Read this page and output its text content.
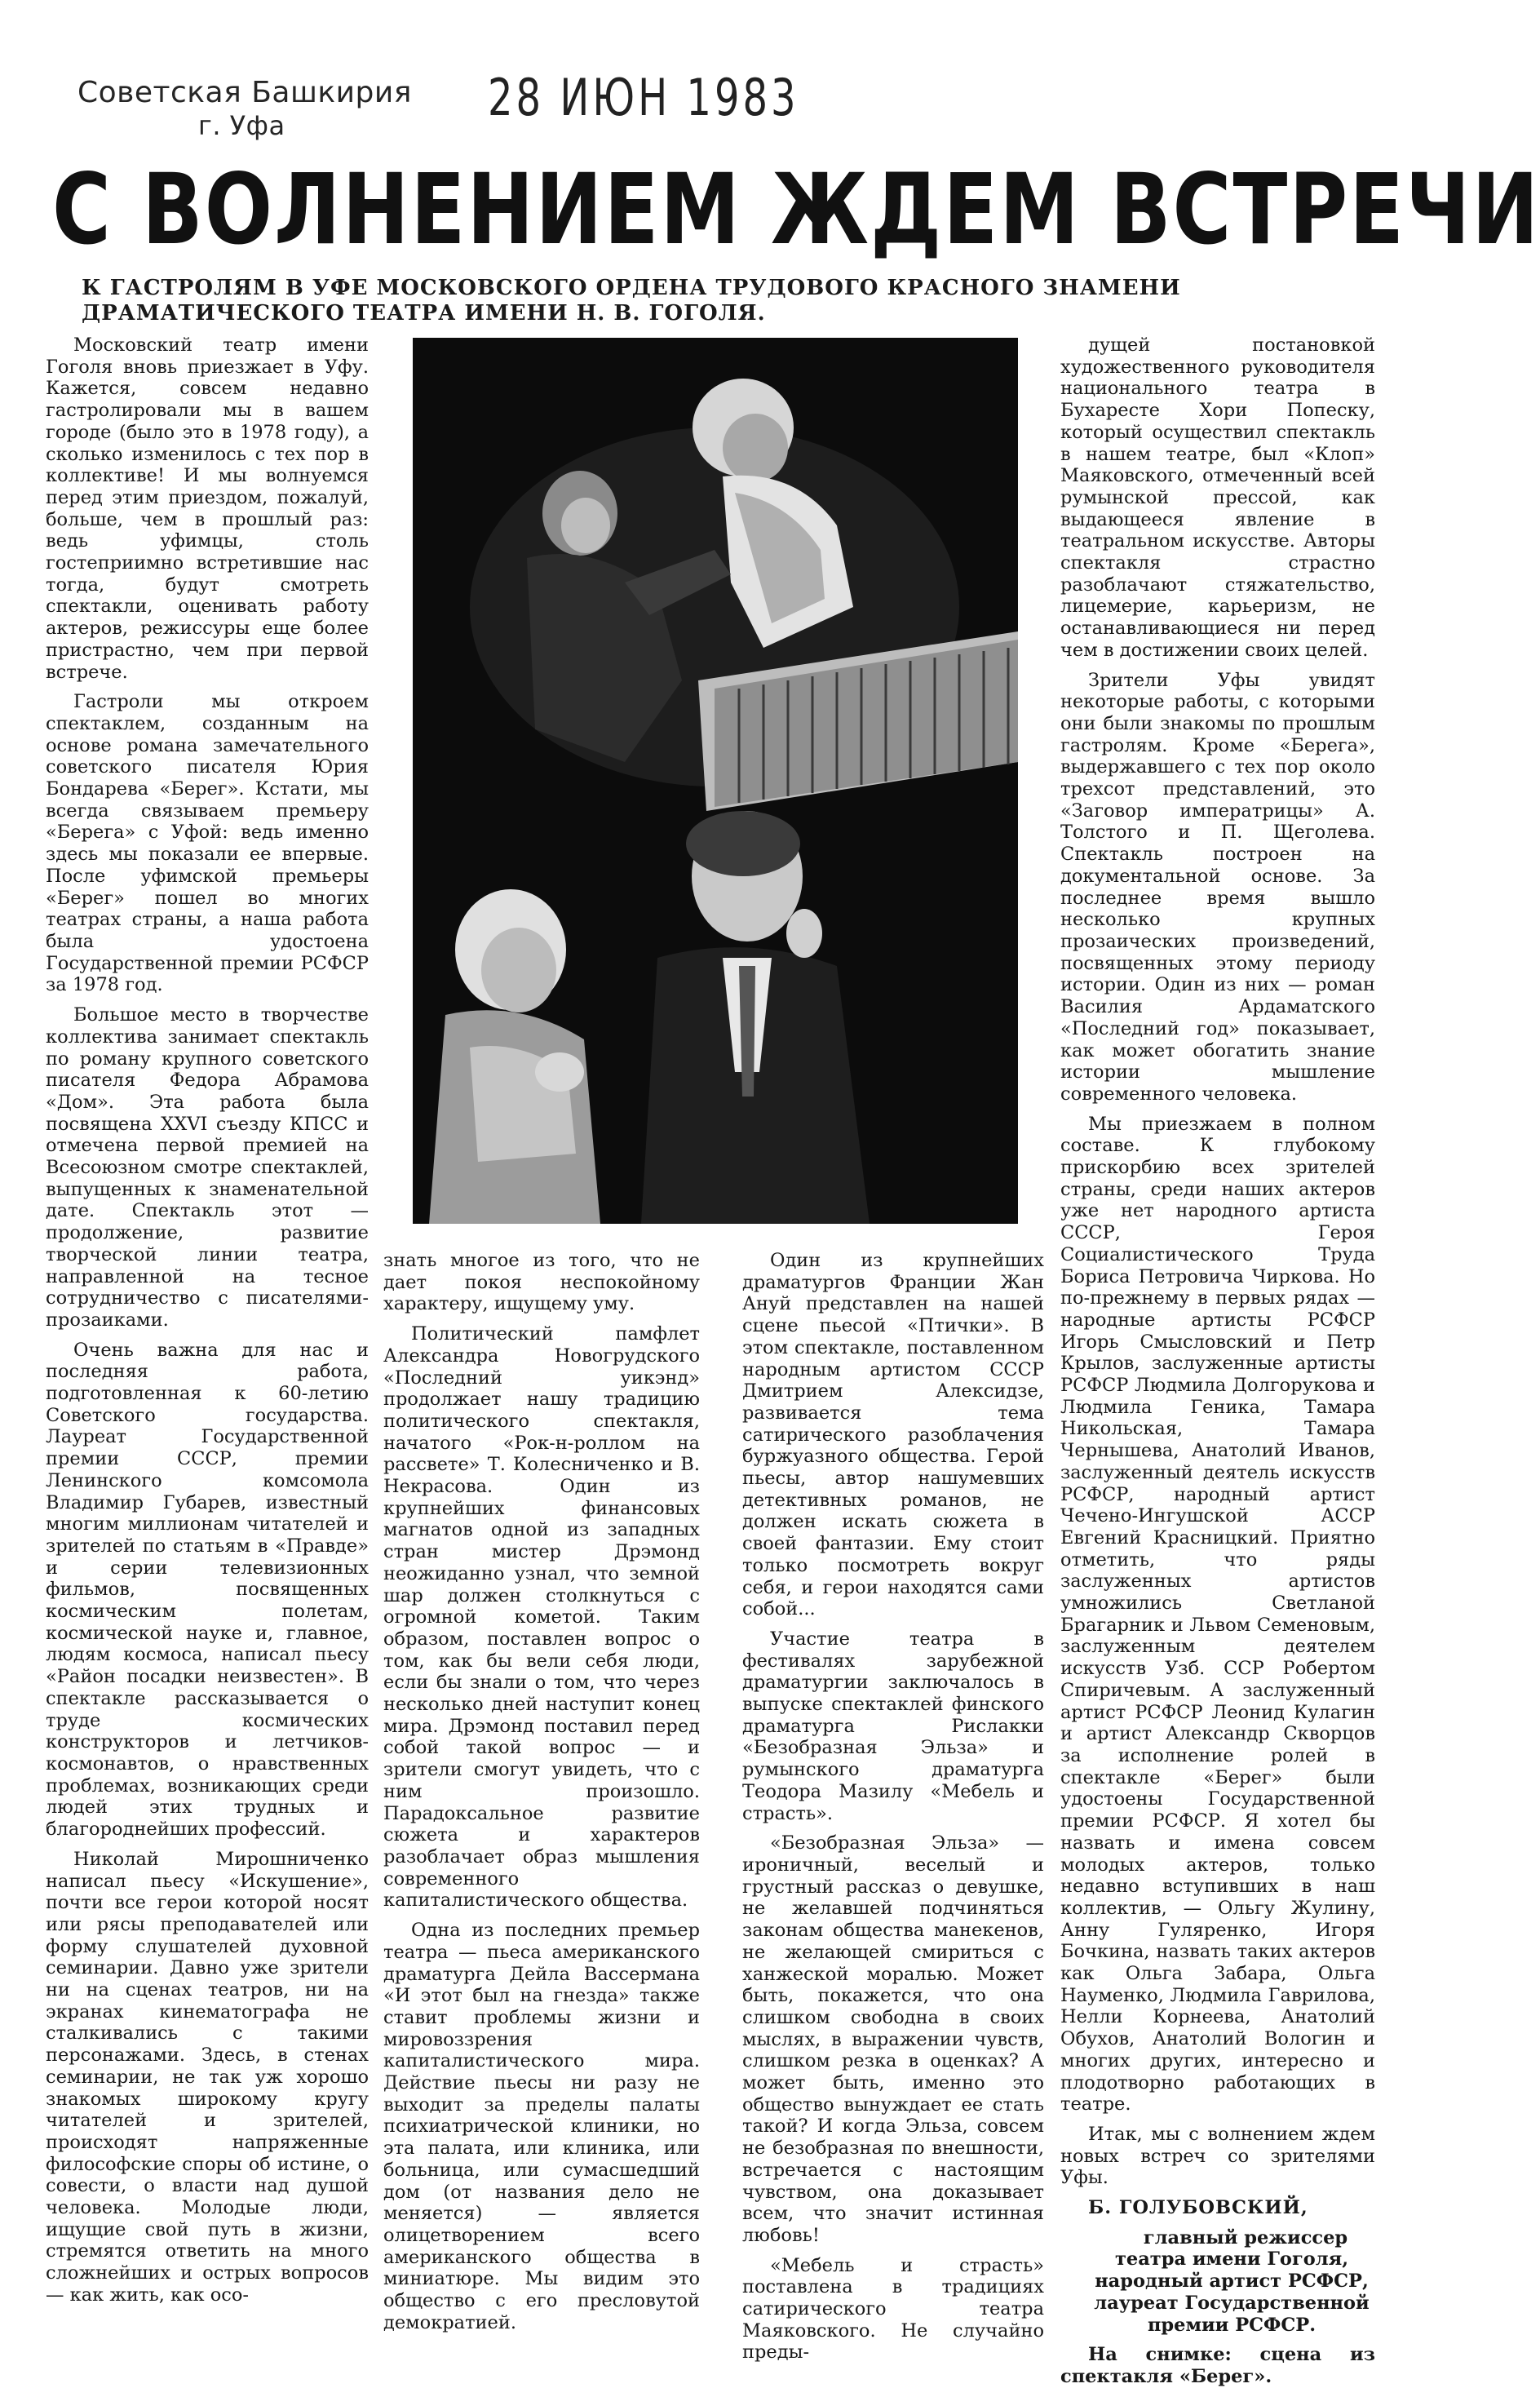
Советская Башкирия
г. Уфа	28 ИЮН 1983
С ВОЛНЕНИЕМ ЖДЕМ ВСТРЕЧИ
К ГАСТРОЛЯМ В УФЕ МОСКОВСКОГО ОРДЕНА ТРУДОВОГО КРАСНОГО ЗНАМЕНИ ДРАМАТИЧЕСКОГО ТЕАТРА ИМЕНИ Н. В. ГОГОЛЯ.

Московский театр имени Гоголя вновь приезжает в Уфу. Кажется, совсем недавно гастролировали мы в вашем городе (было это в 1978 году), а сколько изменилось с тех пор в коллективе! И мы волнуемся перед этим приездом, пожалуй, больше, чем в прошлый раз: ведь уфимцы, столь гостеприимно встретившие нас тогда, будут смотреть спектакли, оценивать работу актеров, режиссуры еще более пристрастно, чем при первой встрече.

Гастроли мы откроем спектаклем, созданным на основе романа замечательного советского писателя Юрия Бондарева «Берег». Кстати, мы всегда связываем премьеру «Берега» с Уфой: ведь именно здесь мы показали ее впервые. После уфимской премьеры «Берег» пошел во многих театрах страны, а наша работа была удостоена Государственной премии РСФСР за 1978 год.

Большое место в творчестве коллектива занимает спектакль по роману крупного советского писателя Федора Абрамова «Дом». Эта работа была посвящена XXVI съезду КПСС и отмечена первой премией на Всесоюзном смотре спектаклей, выпущенных к знаменательной дате. Спектакль этот — продолжение, развитие творческой линии театра, направленной на тесное сотрудничество с писателями-прозаиками.

Очень важна для нас и последняя работа, подготовленная к 60-летию Советского государства. Лауреат Государственной премии СССР, премии Ленинского комсомола Владимир Губарев, известный многим миллионам читателей и зрителей по статьям в «Правде» и серии телевизионных фильмов, посвященных космическим полетам, космической науке и, главное, людям космоса, написал пьесу «Район посадки неизвестен». В спектакле рассказывается о труде космических конструкторов и летчиков-космонавтов, о нравственных проблемах, возникающих среди людей этих трудных и благороднейших профессий.

Николай Мирошниченко написал пьесу «Искушение», почти все герои которой носят или рясы преподавателей или форму слушателей духовной семинарии. Давно уже зрители ни на сценах театров, ни на экранах кинематографа не сталкивались с такими персонажами. Здесь, в стенах семинарии, не так уж хорошо знакомых широкому кругу читателей и зрителей, происходят напряженные философские споры об истине, о совести, о власти над душой человека. Молодые люди, ищущие свой путь в жизни, стремятся ответить на много сложнейших и острых вопросов — как жить, как осо-

знать многое из того, что не дает покоя неспокойному характеру, ищущему уму.

Политический памфлет Александра Новогрудского «Последний уикэнд» продолжает нашу традицию политического спектакля, начатого «Рок-н-роллом на рассвете» Т. Колесниченко и В. Некрасова. Один из крупнейших финансовых магнатов одной из западных стран мистер Дрэмонд неожиданно узнал, что земной шар должен столкнуться с огромной кометой. Таким образом, поставлен вопрос о том, как бы вели себя люди, если бы знали о том, что через несколько дней наступит конец мира. Дрэмонд поставил перед собой такой вопрос — и зрители смогут увидеть, что с ним произошло. Парадоксальное развитие сюжета и характеров разоблачает образ мышления современного капиталистического общества.

Одна из последних премьер театра — пьеса американского драматурга Дейла Вассермана «И этот был на гнезда» также ставит проблемы жизни и мировоззрения капиталистического мира. Действие пьесы ни разу не выходит за пределы палаты психиатрической клиники, но эта палата, или клиника, или больница, или сумасшедший дом (от названия дело не меняется) — является олицетворением всего американского общества в миниатюре. Мы видим это общество с его преслoвутой демократией.

Один из крупнейших драматургов Франции Жан Ануй представлен на нашей сцене пьесой «Птички». В этом спектакле, поставленном народным артистом СССР Дмитрием Алексидзе, развивается тема сатирического разоблачения буржуазного общества. Герой пьесы, автор нашумевших детективных романов, не должен искать сюжета в своей фантазии. Ему стоит только посмотреть вокруг себя, и герои находятся сами собой...

Участие театра в фестивалях зарубежной драматургии заключалось в выпуске спектаклей финского драматурга Рислакки «Безобразная Эльза» и румынского драматурга Теодора Мазилу «Мебель и страсть».

«Безобразная Эльза» — ироничный, веселый и грустный рассказ о девушке, не желавшей подчиняться законам общества манекенов, не желающей смириться с ханжеской моралью. Может быть, покажется, что она слишком свободна в своих мыслях, в выражении чувств, слишком резка в оценках? А может быть, именно это общество вынуждает ее стать такой? И когда Эльза, совсем не безобразная по внешности, встречается с настоящим чувством, она доказывает всем, что значит истинная любовь!

«Мебель и страсть» поставлена в традициях сатирического театра Маяковского. Не случайно преды-

дущей постановкой художественного руководителя национального театра в Бухаресте Хори Попеску, который осуществил спектакль в нашем театре, был «Клоп» Маяковского, отмеченный всей румынской прессой, как выдающееся явление в театральном искусстве. Авторы спектакля страстно разоблачают стяжательство, лицемерие, карьеризм, не останавливающиеся ни перед чем в достижении своих целей.

Зрители Уфы увидят некоторые работы, с которыми они были знакомы по прошлым гастролям. Кроме «Берега», выдержавшего с тех пор около трехсот представлений, это «Заговор императрицы» А. Толстого и П. Щеголева. Спектакль построен на документальной основе. За последнее время вышло несколько крупных прозаических произведений, посвященных этому периоду истории. Один из них — роман Василия Ардаматского «Последний год» показывает, как может обогатить знание истории мышление современного человека.

Мы приезжаем в полном составе. К глубокому прискорбию всех зрителей страны, среди наших актеров уже нет народного артиста СССР, Героя Социалистического Труда Бориса Петровича Чиркова. Но по-прежнему в первых рядах — народные артисты РСФСР Игорь Смысловский и Петр Крылов, заслуженные артисты РСФСР Людмила Долгорукова и Людмила Геника, Тамара Никольская, Тамара Чернышева, Анатолий Иванов, заслуженный деятель искусств РСФСР, народный артист Чечено-Ингушской АССР Евгений Красницкий. Приятно отметить, что ряды заслуженных артистов умножились Светланой Брагарник и Львом Семеновым, заслуженным деятелем искусств Узб. ССР Робертом Спиричевым. А заслуженный артист РСФСР Леонид Кулагин и артист Александр Скворцов за исполнение ролей в спектакле «Берег» были удостоены Государственной премии РСФСР. Я хотел бы назвать и имена совсем молодых актеров, только недавно вступивших в наш коллектив, — Ольгу Жулину, Анну Гуляренко, Игоря Бочкина, назвать таких актеров как Ольга Забара, Ольга Науменко, Людмила Гаврилова, Нелли Корнеева, Анатолий Обухов, Анатолий Вологин и многих других, интересно и плодотворно работающих в театре.

Итак, мы с волнением ждем новых встреч со зрителями Уфы.

Б. ГОЛУБОВСКИЙ,

главный режиссер театра имени Гоголя, народный артист РСФСР, лауреат Государственной премии РСФСР.

На снимке: сцена из спектакля «Берег».
